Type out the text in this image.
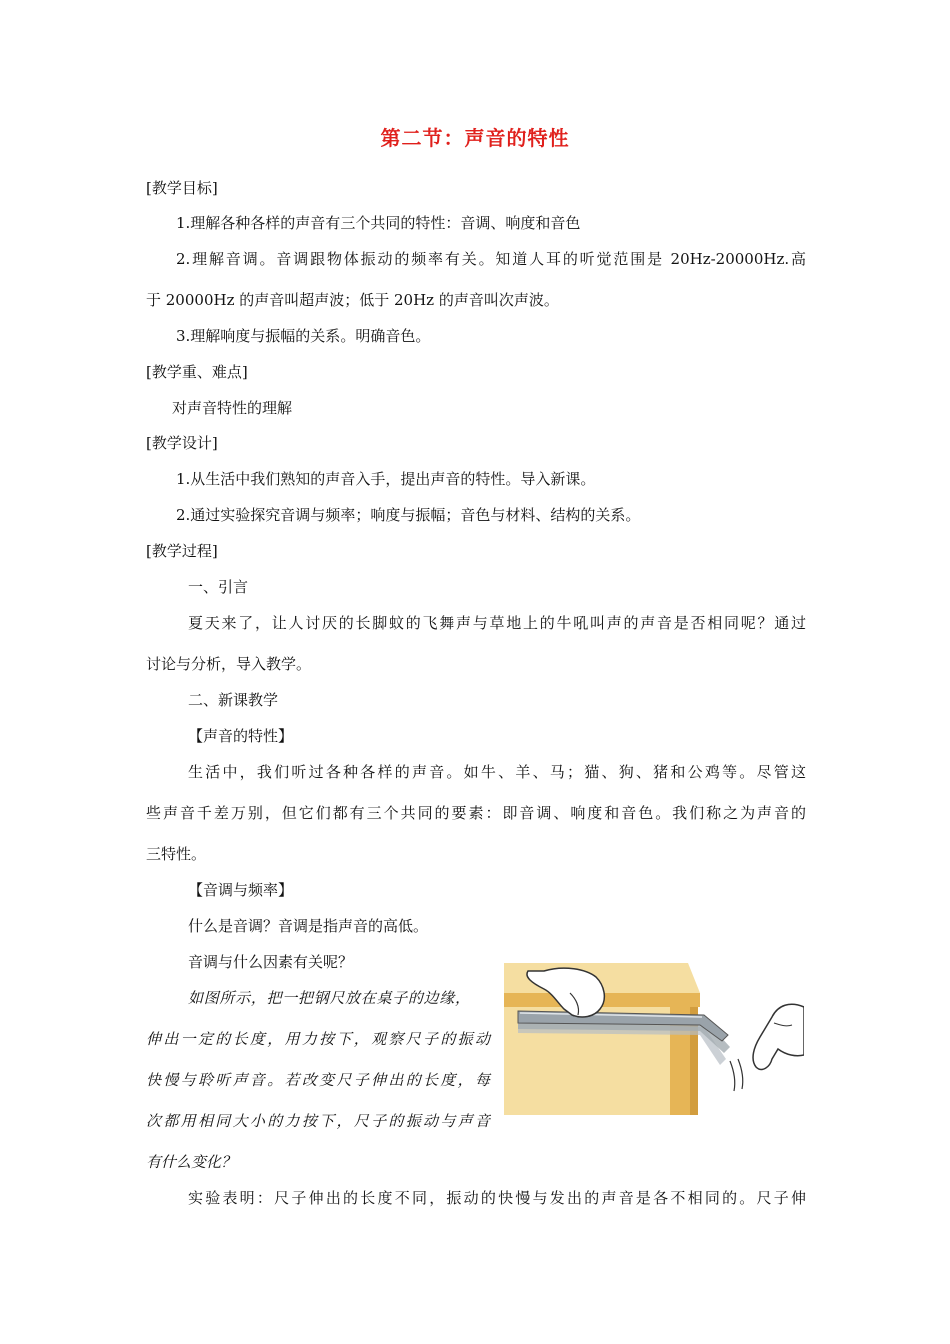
第二节：声音的特性
[教学目标]
1.理解各种各样的声音有三个共同的特性：音调、响度和音色
2.理解音调。音调跟物体振动的频率有关。知道人耳的听觉范围是 20Hz-20000Hz.高
于 20000Hz 的声音叫超声波；低于 20Hz 的声音叫次声波。
3.理解响度与振幅的关系。明确音色。
[教学重、难点]
对声音特性的理解
[教学设计]
1.从生活中我们熟知的声音入手，提出声音的特性。导入新课。
2.通过实验探究音调与频率；响度与振幅；音色与材料、结构的关系。
[教学过程]
一、引言
夏天来了，让人讨厌的长脚蚊的飞舞声与草地上的牛吼叫声的声音是否相同呢？通过
讨论与分析，导入教学。
二、新课教学
【声音的特性】
生活中，我们听过各种各样的声音。如牛、羊、马；猫、狗、猪和公鸡等。尽管这
些声音千差万别，但它们都有三个共同的要素：即音调、响度和音色。我们称之为声音的
三特性。
【音调与频率】
什么是音调？音调是指声音的高低。
音调与什么因素有关呢？
如图所示，把一把钢尺放在桌子的边缘，
伸出一定的长度，用力按下，观察尺子的振动
快慢与聆听声音。若改变尺子伸出的长度，每
次都用相同大小的力按下，尺子的振动与声音
有什么变化？
实验表明：尺子伸出的长度不同，振动的快慢与发出的声音是各不相同的。尺子伸
